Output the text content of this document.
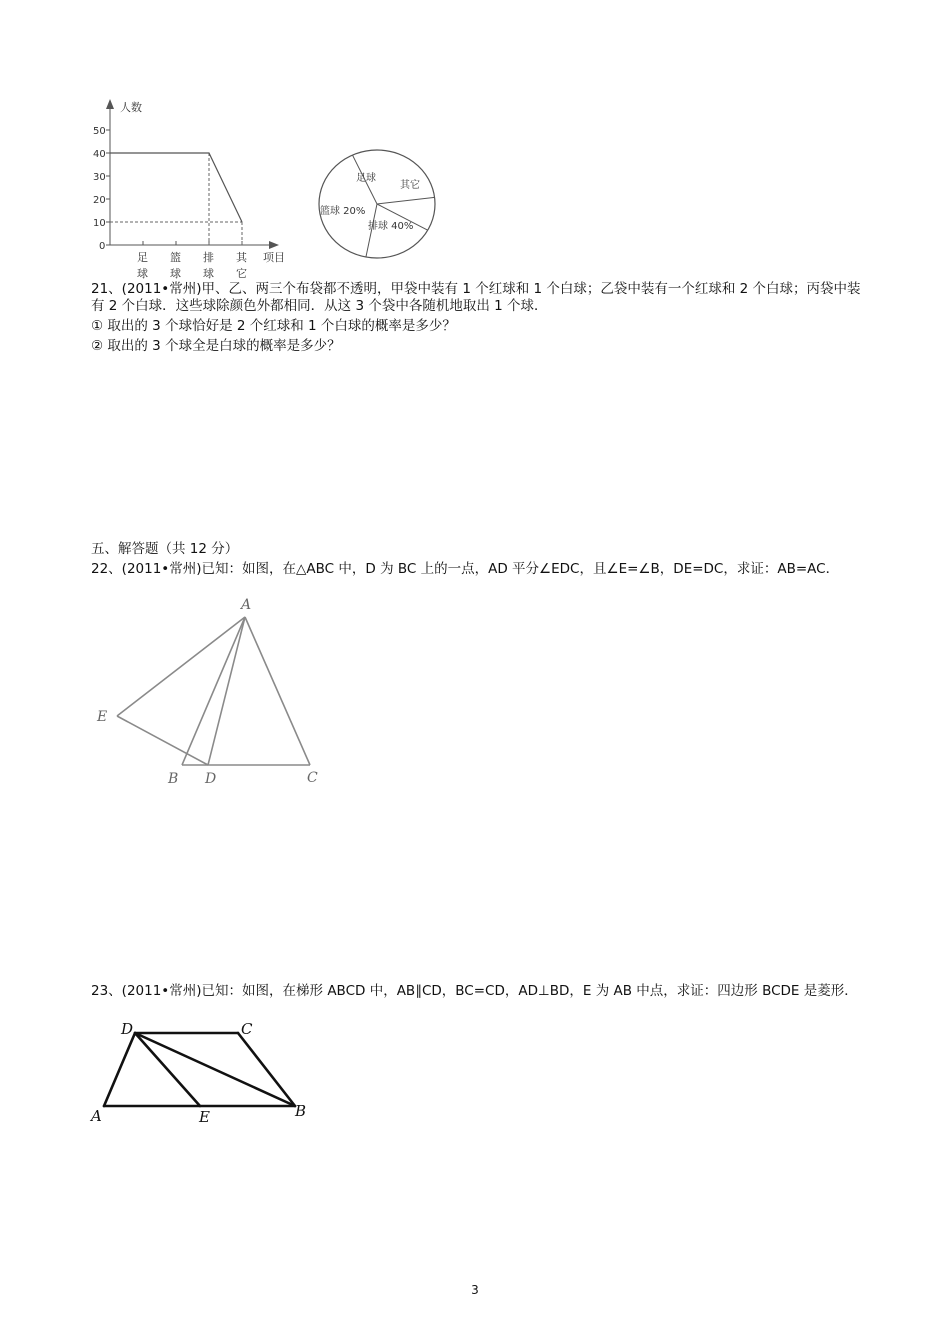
人数
50
40
30
20
10
0
足
球
篮
球
排
球
其
它
项目
足球
其它
篮球 20%
排球 40%

21、(2011•常州)甲、乙、两三个布袋都不透明，甲袋中装有 1 个红球和 1 个白球；乙袋中装有一个红球和 2 个白球；丙袋中装有 2 个白球．这些球除颜色外都相同．从这 3 个袋中各随机地取出 1 个球．

① 取出的 3 个球恰好是 2 个红球和 1 个白球的概率是多少？

② 取出的 3 个球全是白球的概率是多少？

五、解答题（共 12 分）

22、(2011•常州)已知：如图，在△ABC 中，D 为 BC 上的一点，AD 平分∠EDC，且∠E=∠B，DE=DC，求证：AB=AC．

A
E
B D	C

23、(2011•常州)已知：如图，在梯形 ABCD 中，AB∥CD，BC=CD，AD⊥BD，E 为 AB 中点，求证：四边形 BCDE 是菱形．

D	C
A	E	B
3
